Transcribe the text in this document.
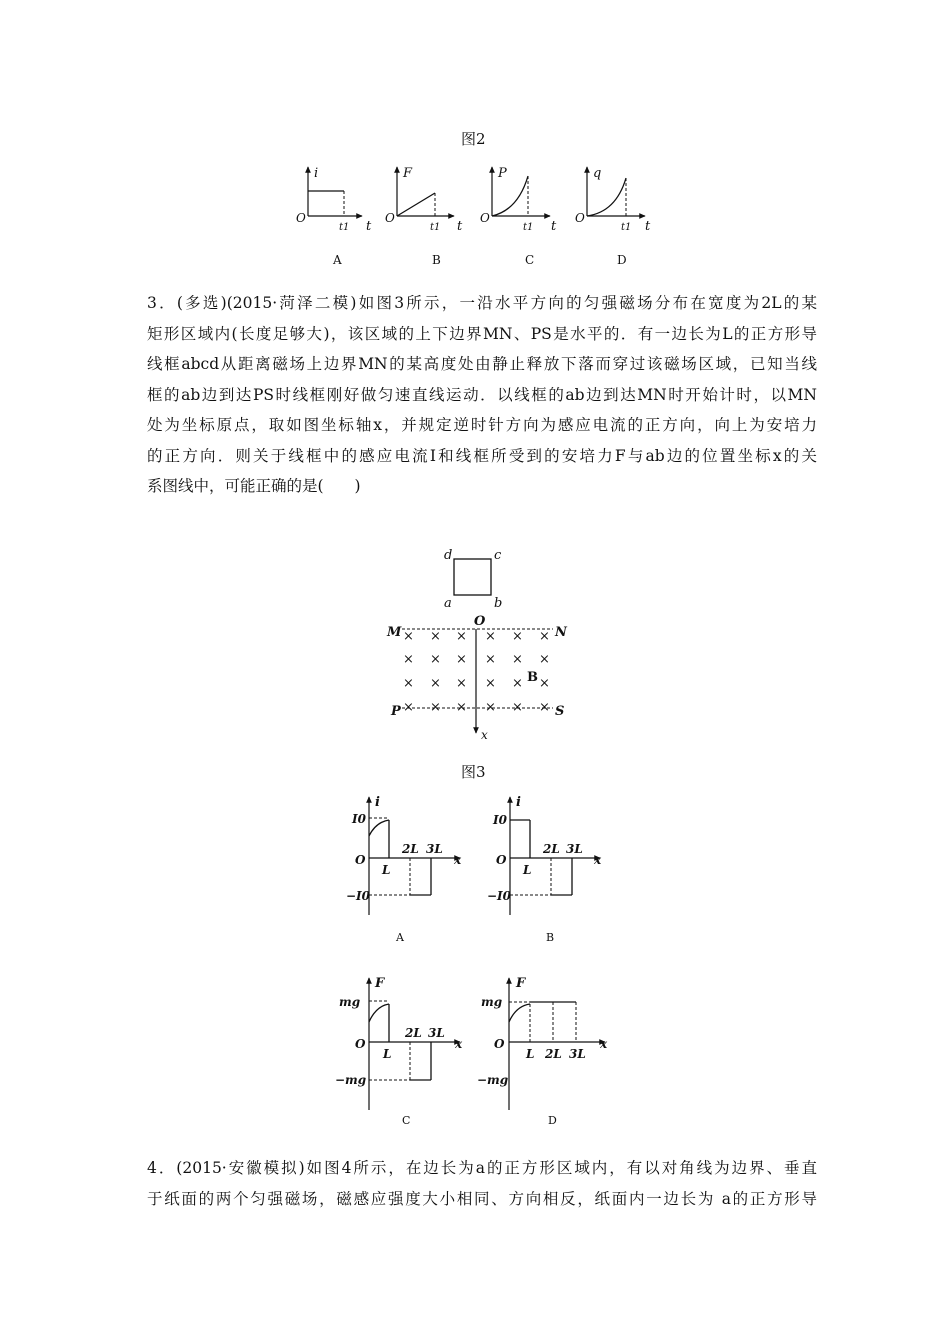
图2
i
O
t1 t
A
F
O
t1 t
B
P
O
t1 t
C
q
O
t1 t
D
3．(多选)(2015·菏泽二模)如图3所示，一沿水平方向的匀强磁场分布在宽度为2L的某
矩形区域内(长度足够大)，该区域的上下边界MN、PS是水平的．有一边长为L的正方形导
线框abcd从距离磁场上边界MN的某高度处由静止释放下落而穿过该磁场区域，已知当线
框的ab边到达PS时线框刚好做匀速直线运动．以线框的ab边到达MN时开始计时，以MN
处为坐标原点，取如图坐标轴x，并规定逆时针方向为感应电流的正方向，向上为安培力
的正方向．则关于线框中的感应电流I和线框所受到的安培力F与ab边的位置坐标x的关
系图线中，可能正确的是(　　)
d	c
a	b
M	N
O
P	S
B
x
× × × × × ×
× × × × × ×
× × × × × ×
× × × × × ×
图3
i
I0
−I0
O
L
2L 3L
x
A
i
I0
−I0
O
L
2L 3L
x
B
F
mg
−mg
O
L
2L 3L
x
C
F
mg
−mg
O
L 2L 3L
x
D
4．(2015·安徽模拟)如图4所示，在边长为a的正方形区域内，有以对角线为边界、垂直
于纸面的两个匀强磁场，磁感应强度大小相同、方向相反，纸面内一边长为 a的正方形导
